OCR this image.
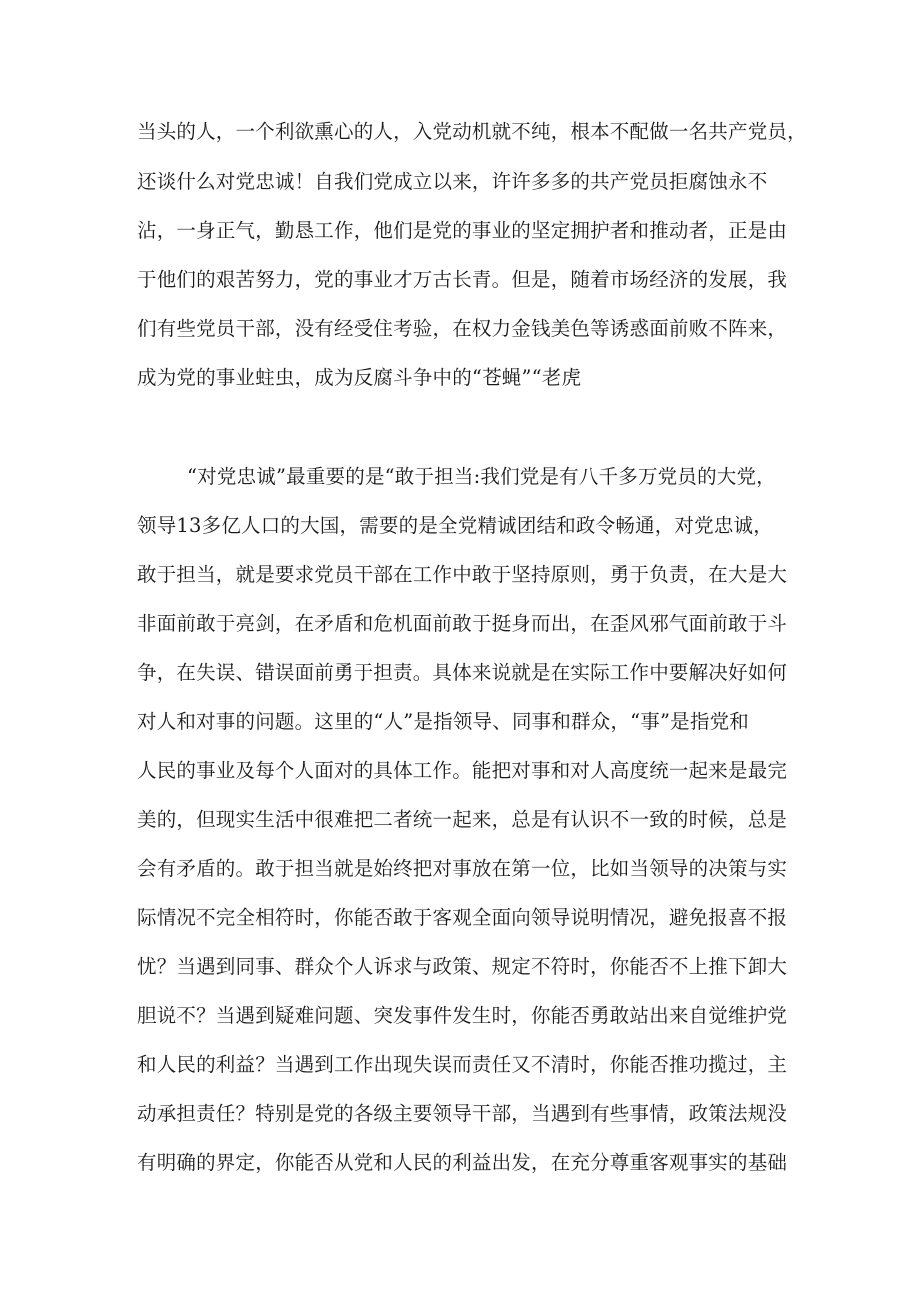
当头的人，一个利欲熏心的人，入党动机就不纯，根本不配做一名共产党员，
还谈什么对党忠诚！自我们党成立以来，许许多多的共产党员拒腐蚀永不
沾，一身正气，勤恳工作，他们是党的事业的坚定拥护者和推动者，正是由
于他们的艰苦努力，党的事业才万古长青。但是，随着市场经济的发展，我
们有些党员干部，没有经受住考验，在权力金钱美色等诱惑面前败不阵来，
成为党的事业蛀虫，成为反腐斗争中的“苍蝇”“老虎
“对党忠诚”最重要的是“敢于担当:我们党是有八千多万党员的大党，
领导13多亿人口的大国，需要的是全党精诚团结和政令畅通，对党忠诚，
敢于担当，就是要求党员干部在工作中敢于坚持原则，勇于负责，在大是大
非面前敢于亮剑，在矛盾和危机面前敢于挺身而出，在歪风邪气面前敢于斗
争，在失误、错误面前勇于担责。具体来说就是在实际工作中要解决好如何
对人和对事的问题。这里的“人”是指领导、同事和群众，“事”是指党和
人民的事业及每个人面对的具体工作。能把对事和对人高度统一起来是最完
美的，但现实生活中很难把二者统一起来，总是有认识不一致的时候，总是
会有矛盾的。敢于担当就是始终把对事放在第一位，比如当领导的决策与实
际情况不完全相符时，你能否敢于客观全面向领导说明情况，避免报喜不报
忧？当遇到同事、群众个人诉求与政策、规定不符时，你能否不上推下卸大
胆说不？当遇到疑难问题、突发事件发生时，你能否勇敢站出来自觉维护党
和人民的利益？当遇到工作出现失误而责任又不清时，你能否推功揽过，主
动承担责任？特别是党的各级主要领导干部，当遇到有些事情，政策法规没
有明确的界定，你能否从党和人民的利益出发，在充分尊重客观事实的基础
